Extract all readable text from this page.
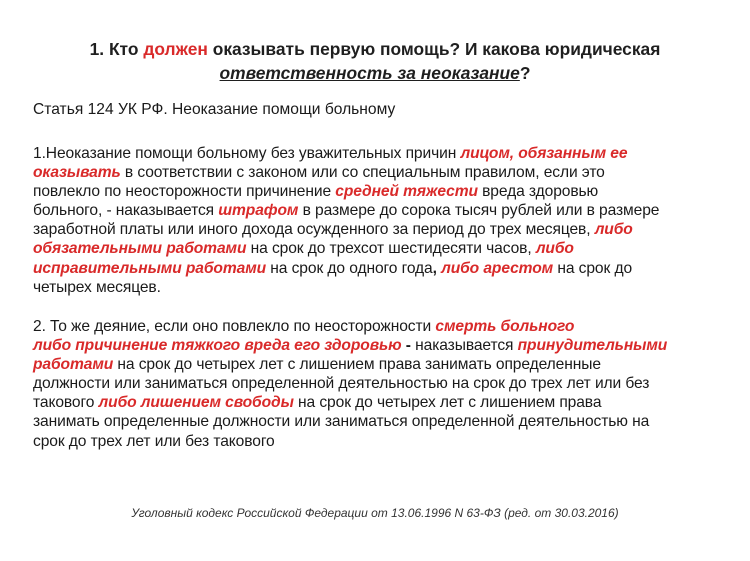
1. Кто должен оказывать первую помощь? И какова юридическая
ответственность за неоказание?
Статья 124 УК РФ. Неоказание помощи больному
1.Неоказание помощи больному без уважительных причин лицом, обязанным ее
оказывать в соответствии с законом или со специальным правилом, если это
повлекло по неосторожности причинение средней тяжести вреда здоровью
больного, - наказывается штрафом в размере до сорока тысяч рублей или в размере
заработной платы или иного дохода осужденного за период до трех месяцев, либо
обязательными работами на срок до трехсот шестидесяти часов, либо
исправительными работами на срок до одного года, либо арестом на срок до
четырех месяцев.
2. То же деяние, если оно повлекло по неосторожности смерть больного
либо причинение тяжкого вреда его здоровью - наказывается принудительными
работами на срок до четырех лет с лишением права занимать определенные
должности или заниматься определенной деятельностью на срок до трех лет или без
такового либо лишением свободы на срок до четырех лет с лишением права
занимать определенные должности или заниматься определенной деятельностью на
срок до трех лет или без такового
Уголовный кодекс Российской Федерации от 13.06.1996 N 63-ФЗ (ред. от 30.03.2016)
